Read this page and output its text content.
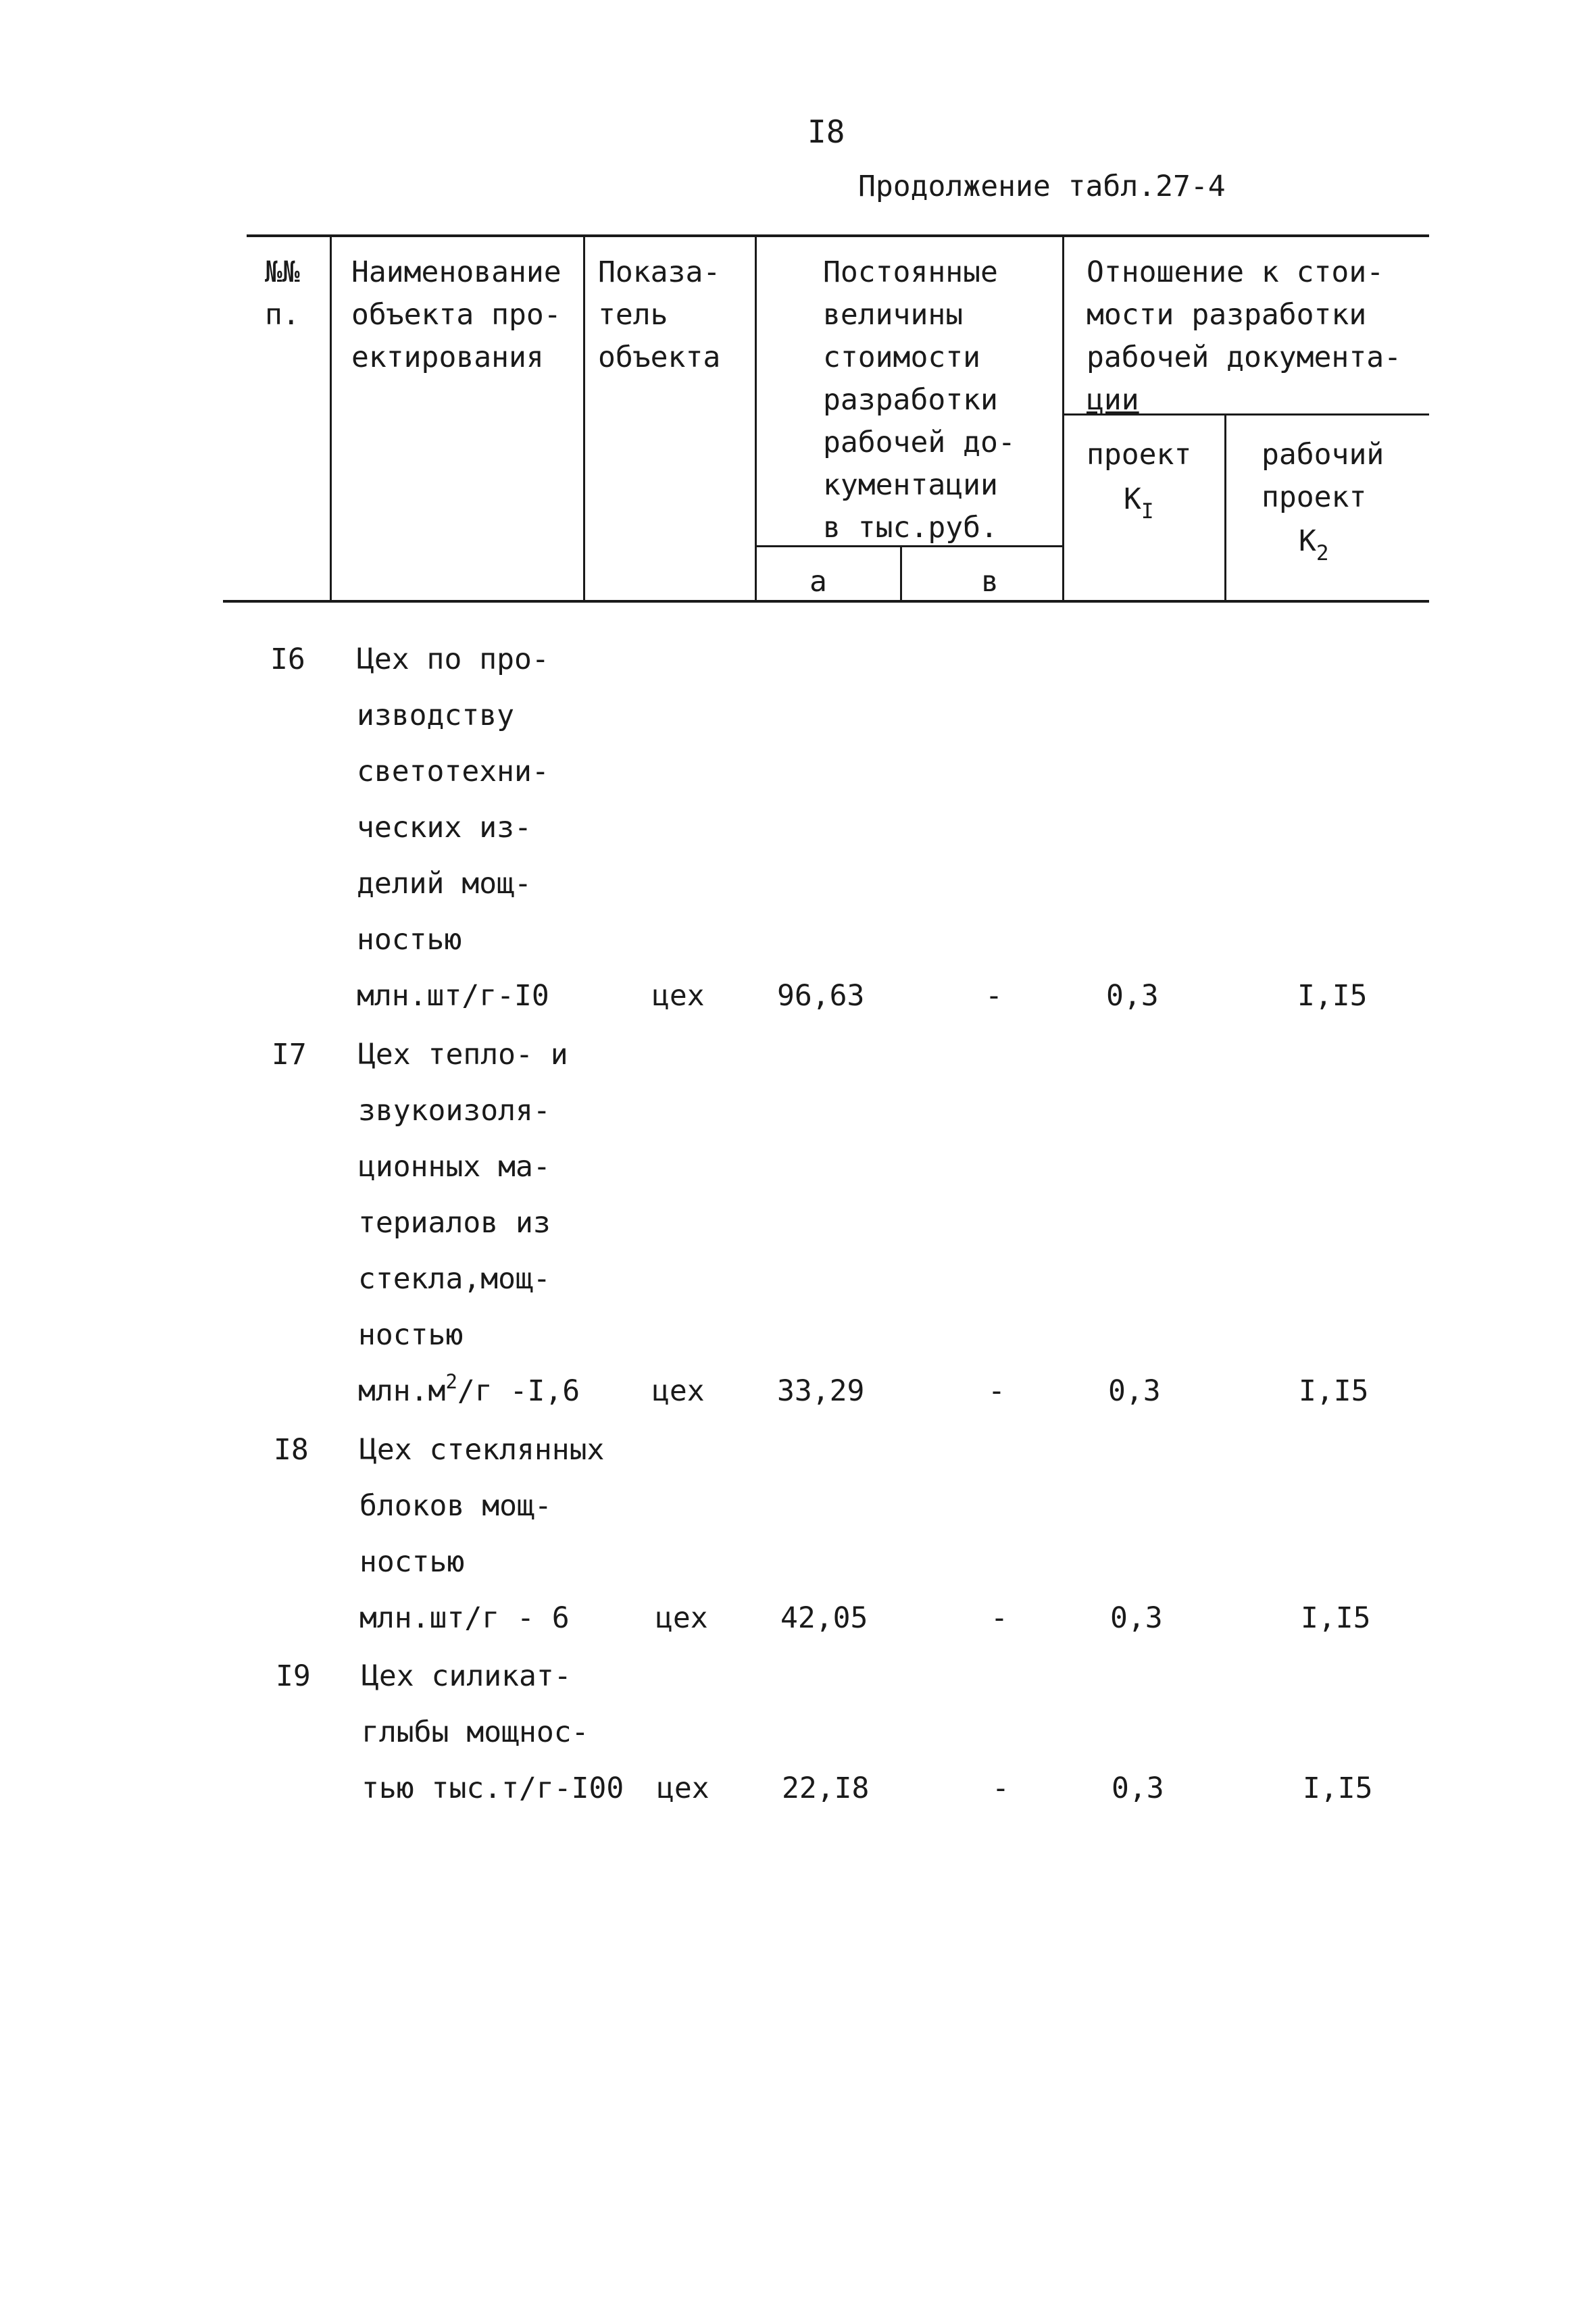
I8
Продолжение табл.27-4
№№
п.
Наименование
объекта про-
ектирования
Показа-
тель
объекта
Постоянные
величины
стоимости
разработки
рабочей до-
кументации
в тыс.руб.
а	в
Отношение к стои-
мости разработки
рабочей документа-
ции
проект
$К_I$
рабочий
проект
$К_2$
I6 Цех по про-
изводству
светотехни-
ческих из-
делий мощ-
ностью
млн.шт/г-I0	цех 96,63	-	0,3	I,I5
I7 Цех тепло- и
звукоизоля-
ционных ма-
териалов из
стекла,мощ-
ностью
$млн.м^2/г$ -I,6 цех 33,29	-	0,3	I,I5
I8 Цех стеклянных
блоков мощ-
ностью
млн.шт/г - 6	цех 42,05	-	0,3	I,I5
I9 Цех силикат-
глыбы мощнос-
тью тыс.т/г-I00 цех 22,I8	-	0,3	I,I5
